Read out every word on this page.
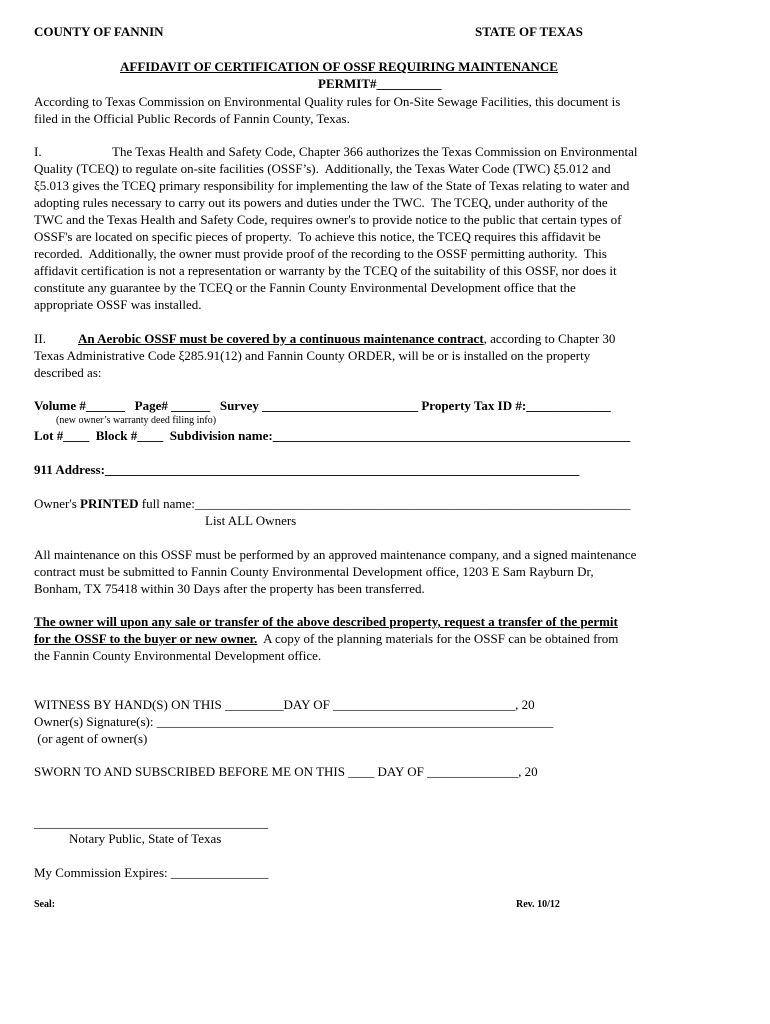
COUNTY OF FANNIN	STATE OF TEXAS
AFFIDAVIT OF CERTIFICATION OF OSSF REQUIRING MAINTENANCE
PERMIT#__________
According to Texas Commission on Environmental Quality rules for On-Site Sewage Facilities, this document is
filed in the Official Public Records of Fannin County, Texas.
I.	The Texas Health and Safety Code, Chapter 366 authorizes the Texas Commission on Environmental
Quality (TCEQ) to regulate on-site facilities (OSSF’s).  Additionally, the Texas Water Code (TWC) ξ5.012 and
ξ5.013 gives the TCEQ primary responsibility for implementing the law of the State of Texas relating to water and
adopting rules necessary to carry out its powers and duties under the TWC.  The TCEQ, under authority of the
TWC and the Texas Health and Safety Code, requires owner's to provide notice to the public that certain types of
OSSF's are located on specific pieces of property.  To achieve this notice, the TCEQ requires this affidavit be
recorded.  Additionally, the owner must provide proof of the recording to the OSSF permitting authority.  This
affidavit certification is not a representation or warranty by the TCEQ of the suitability of this OSSF, nor does it
constitute any guarantee by the TCEQ or the Fannin County Environmental Development office that the
appropriate OSSF was installed.
II. An Aerobic OSSF must be covered by a continuous maintenance contract, according to Chapter 30
Texas Administrative Code ξ285.91(12) and Fannin County ORDER, will be or is installed on the property
described as:
Volume #______   Page# ______   Survey ________________________ Property Tax ID #:_____________
(new owner’s warranty deed filing info)
Lot #____  Block #____  Subdivision name:_______________________________________________________
911 Address:_________________________________________________________________________
Owner's PRINTED full name:___________________________________________________________________
List ALL Owners
All maintenance on this OSSF must be performed by an approved maintenance company, and a signed maintenance
contract must be submitted to Fannin County Environmental Development office, 1203 E Sam Rayburn Dr,
Bonham, TX 75418 within 30 Days after the property has been transferred.
The owner will upon any sale or transfer of the above described property, request a transfer of the permit
for the OSSF to the buyer or new owner.  A copy of the planning materials for the OSSF can be obtained from
the Fannin County Environmental Development office.
WITNESS BY HAND(S) ON THIS _________DAY OF ____________________________, 20
Owner(s) Signature(s): _____________________________________________________________
(or agent of owner(s)
SWORN TO AND SUBSCRIBED BEFORE ME ON THIS ____ DAY OF ______________, 20
____________________________________
Notary Public, State of Texas
My Commission Expires: _______________
Seal:	Rev. 10/12
